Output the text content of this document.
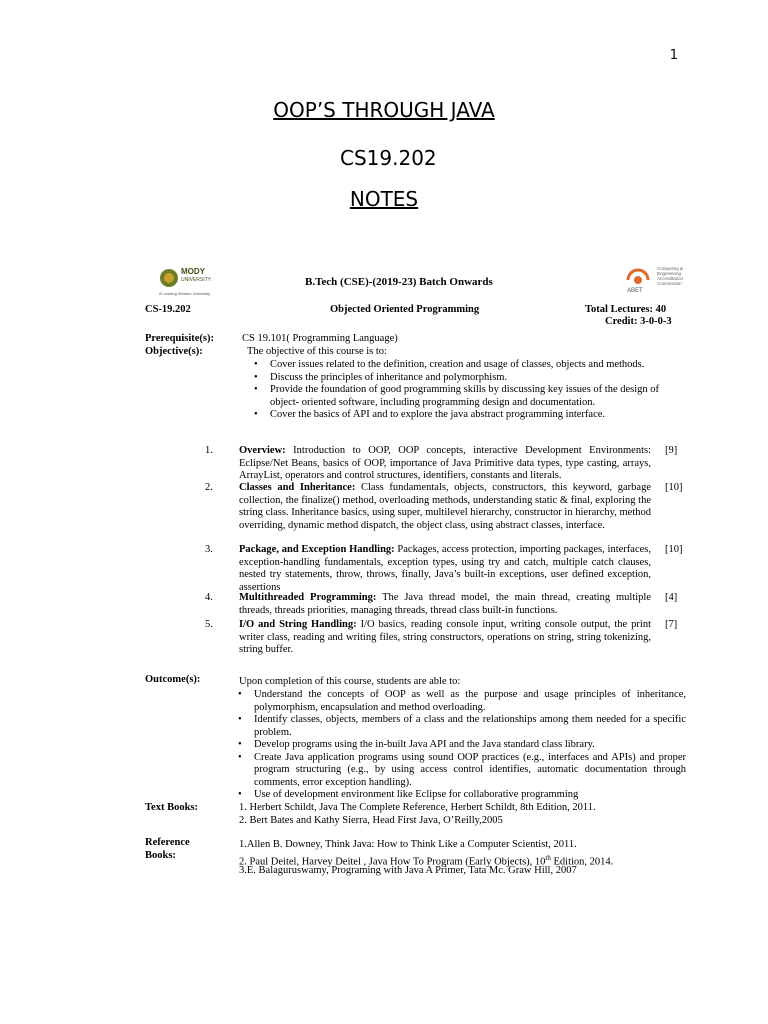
1
OOP’S THROUGH JAVA
CS19.202
NOTES
MODY
UNIVERSITY
A Leading Women University
B.Tech (CSE)-(2019-23) Batch Onwards
ABET
Computing &
Engineering
Accreditation
Commission
CS-19.202	Objected Oriented Programming	Total Lectures: 40
Credit: 3-0-0-3
Prerequisite(s):	CS 19.101( Programming Language)
Objective(s):	The objective of this course is to:
• Cover issues related to the definition, creation and usage of classes, objects and methods.
• Discuss the principles of inheritance and polymorphism.
• Provide the foundation of good programming skills by discussing key issues of the design of object- oriented software, including programming design and documentation.
• Cover the basics of API and to explore the java abstract programming interface.
1.	Overview: Introduction to OOP, OOP concepts, interactive Development Environments: Eclipse/Net Beans, basics of OOP, importance of Java Primitive data types, type casting, arrays, ArrayList, operators and control structures, identifiers, constants and literals.
[9]
2.	Classes and Inheritance: Class fundamentals, objects, constructors, this keyword, garbage collection, the finalize() method, overloading methods, understanding static & final, exploring the string class. Inheritance basics, using super, multilevel hierarchy, constructor in hierarchy, method overriding, dynamic method dispatch, the object class, using abstract classes, interface.
[10]
3.	Package, and Exception Handling: Packages, access protection, importing packages, interfaces, exception-handling fundamentals, exception types, using try and catch, multiple catch clauses, nested try statements, throw, throws, finally, Java’s built-in exceptions, user defined exception, assertions
[10]
4.	Multithreaded Programming: The Java thread model, the main thread, creating multiple threads, threads priorities, managing threads, thread class built-in functions.
[4]
5.	I/O and String Handling: I/O basics, reading console input, writing console output, the print writer class, reading and writing files, string constructors, operations on string, string tokenizing, string buffer.
[7]
Outcome(s):	Upon completion of this course, students are able to:
• Understand the concepts of OOP as well as the purpose and usage principles of inheritance, polymorphism, encapsulation and method overloading.
• Identify classes, objects, members of a class and the relationships among them needed for a specific problem.
• Develop programs using the in-built Java API and the Java standard class library.
• Create Java application programs using sound OOP practices (e.g., interfaces and APIs) and proper program structuring (e.g., by using access control identifies, automatic documentation through comments, error exception handling).
• Use of development environment like Eclipse for collaborative programming
Text Books:	1. Herbert Schildt, Java The Complete Reference, Herbert Schildt, 8th Edition, 2011.
2. Bert Bates and Kathy Sierra, Head First Java, O’Reilly,2005
Reference
Books:
1.Allen B. Downey, Think Java: How to Think Like a Computer Scientist, 2011.
2. Paul Deitel, Harvey Deitel , Java How To Program (Early Objects), 10th Edition, 2014.
3.E. Balaguruswamy, Programing with Java A Primer, Tata Mc. Graw Hill, 2007
